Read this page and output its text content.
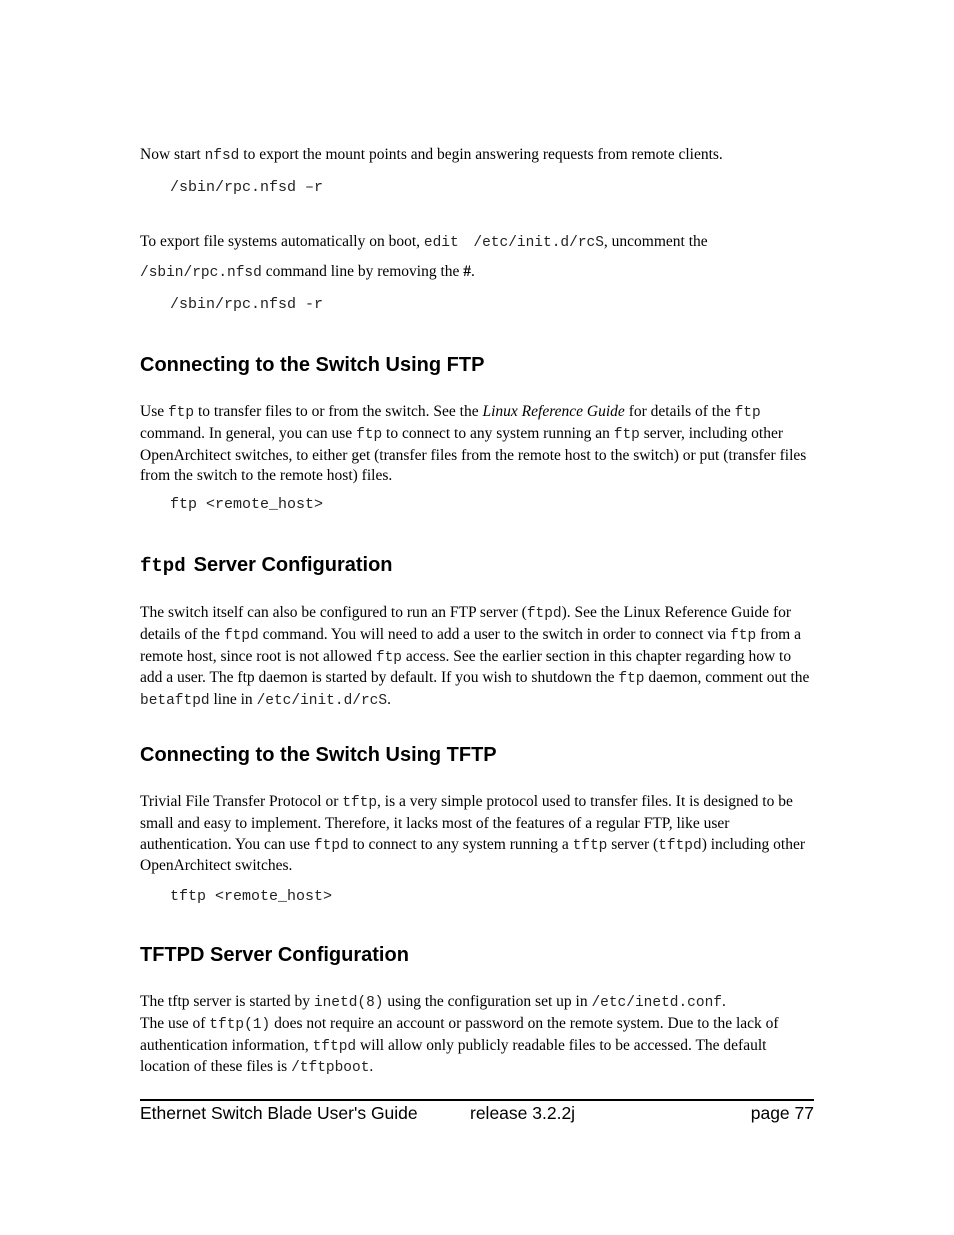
Now start nfsd to export the mount points and begin answering requests from remote clients.

/sbin/rpc.nfsd –r

To export file systems automatically on boot, edit /etc/init.d/rcS, uncomment the

/sbin/rpc.nfsd command line by removing the #.

/sbin/rpc.nfsd -r
Connecting to the Switch Using FTP

Use ftp to transfer files to or from the switch. See the Linux Reference Guide for details of the ftp command. In general, you can use ftp to connect to any system running an ftp server, including other OpenArchitect switches, to either get (transfer files from the remote host to the switch) or put (transfer files from the switch to the remote host) files.

ftp <remote_host>
ftpd Server Configuration

The switch itself can also be configured to run an FTP server (ftpd). See the Linux Reference Guide for details of the ftpd command. You will need to add a user to the switch in order to connect via ftp from a remote host, since root is not allowed ftp access. See the earlier section in this chapter regarding how to add a user. The ftp daemon is started by default. If you wish to shutdown the ftp daemon, comment out the betaftpd line in /etc/init.d/rcS.

Connecting to the Switch Using TFTP

Trivial File Transfer Protocol or tftp, is a very simple protocol used to transfer files. It is designed to be small and easy to implement. Therefore, it lacks most of the features of a regular FTP, like user authentication. You can use ftpd to connect to any system running a tftp server (tftpd) including other OpenArchitect switches.

tftp <remote_host>
TFTPD Server Configuration

The tftp server is started by inetd(8) using the configuration set up in /etc/inetd.conf.
The use of tftp(1) does not require an account or password on the remote system. Due to the lack of authentication information, tftpd will allow only publicly readable files to be accessed. The default location of these files is /tftpboot.

Ethernet Switch Blade User's Guide	release 3.2.2j	page 77
